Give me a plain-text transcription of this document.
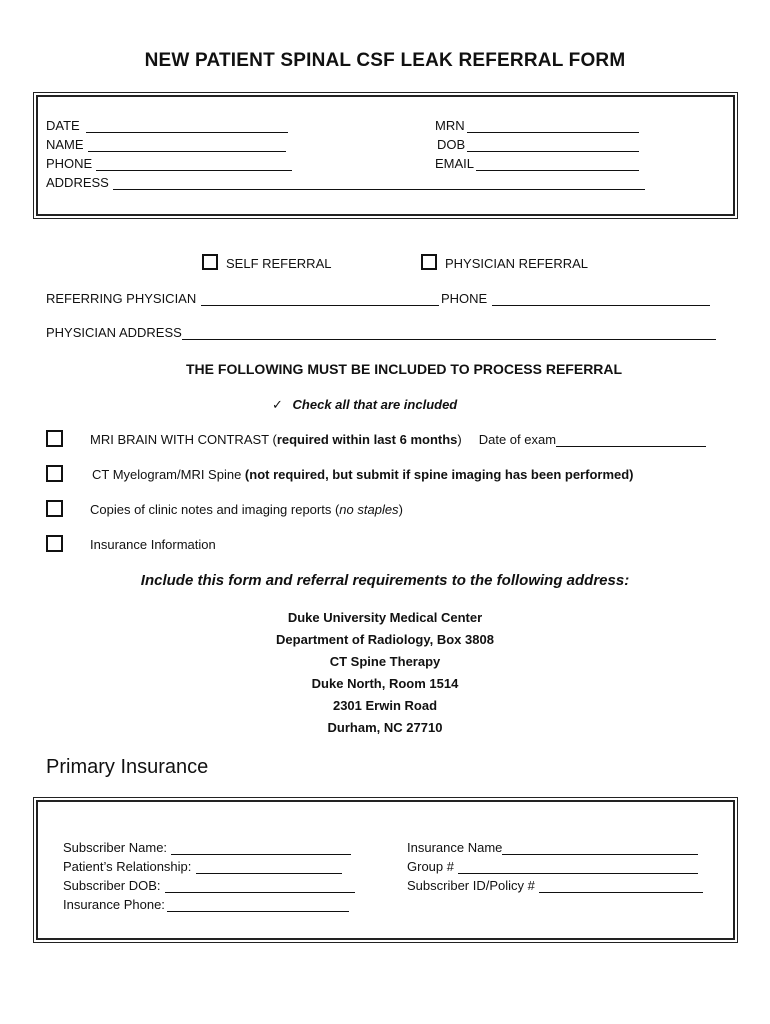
NEW PATIENT SPINAL CSF LEAK REFERRAL FORM
DATE
NAME
PHONE
ADDRESS
MRN
DOB
EMAIL
SELF REFERRAL	PHYSICIAN REFERRAL
REFERRING PHYSICIAN	PHONE
PHYSICIAN ADDRESS
THE FOLLOWING MUST BE INCLUDED TO PROCESS REFERRAL
✓ Check all that are included
MRI BRAIN WITH CONTRAST ( required within last 6 months ) Date of exam
CT Myelogram/MRI Spine (not required, but submit if spine imaging has been performed)
Copies of clinic notes and imaging reports (no staples)
Insurance Information
Include this form and referral requirements to the following address:
Duke University Medical Center
Department of Radiology, Box 3808
CT Spine Therapy
Duke North, Room 1514
2301 Erwin Road
Durham, NC 27710
Primary Insurance
Subscriber Name:
Patient’s Relationship:
Subscriber DOB:
Insurance Phone:
Insurance Name
Group #
Subscriber ID/Policy #
